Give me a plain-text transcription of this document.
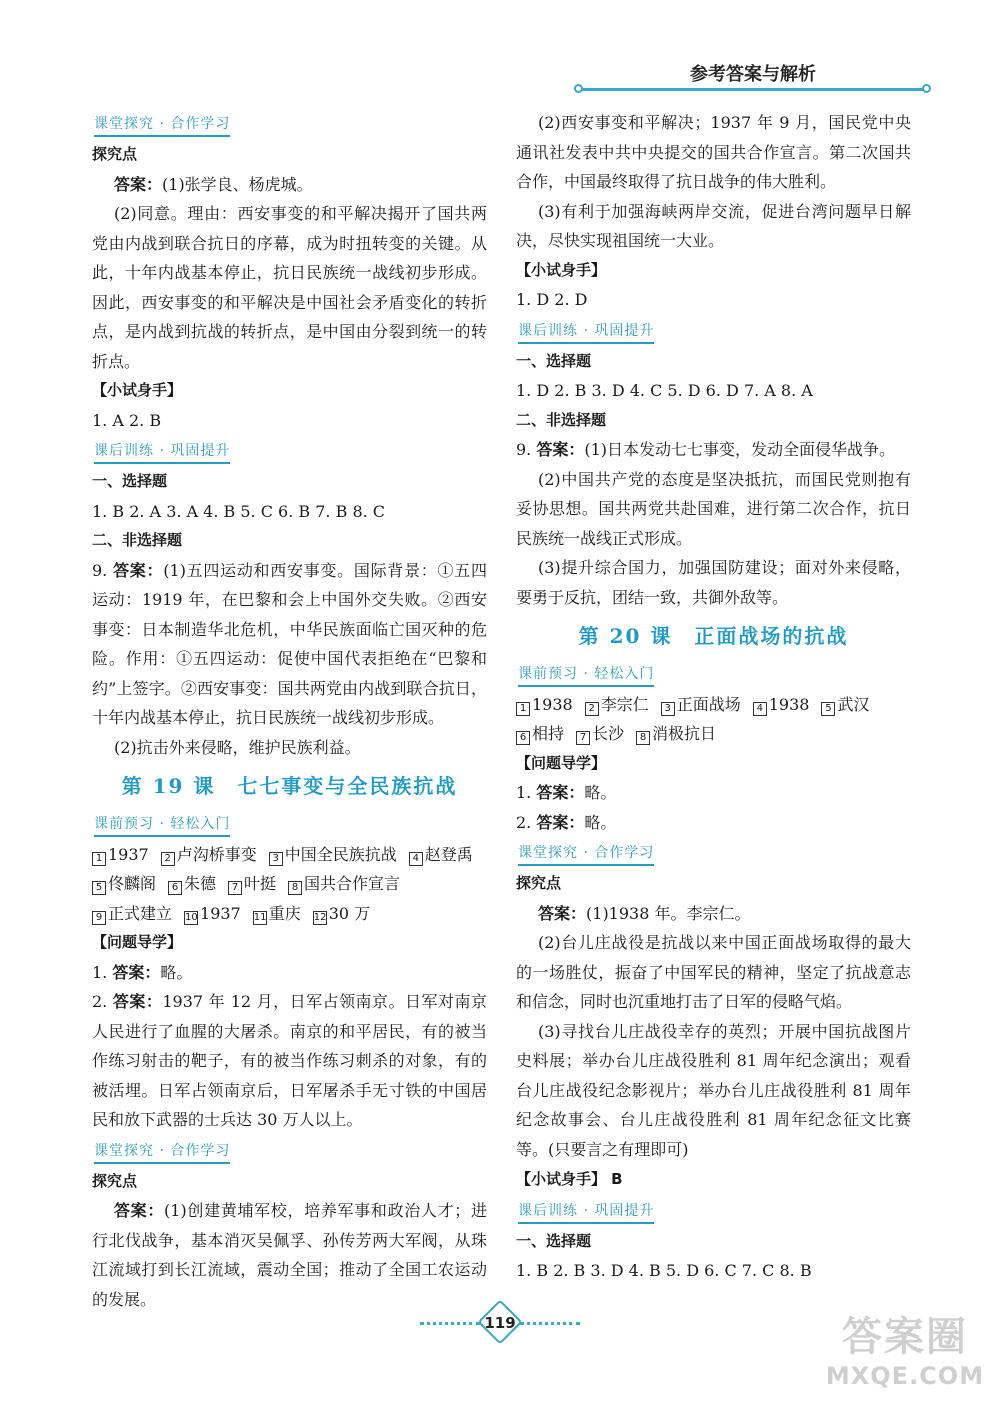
参考答案与解析
课堂探究 · 合作学习
探究点
答案：(1)张学良、杨虎城。
(2)同意。理由：西安事变的和平解决揭开了国共两党由内战到联合抗日的序幕，成为时扭转变的关键。从此，十年内战基本停止，抗日民族统一战线初步形成。因此，西安事变的和平解决是中国社会矛盾变化的转折点，是内战到抗战的转折点，是中国由分裂到统一的转折点。
【小试身手】
1. A 2. B
课后训练 · 巩固提升
一、选择题
1. B 2. A 3. A 4. B 5. C 6. B 7. B 8. C
二、非选择题
9. 答案：(1)五四运动和西安事变。国际背景：①五四运动：1919 年，在巴黎和会上中国外交失败。②西安事变：日本制造华北危机，中华民族面临亡国灭种的危险。作用：①五四运动：促使中国代表拒绝在“巴黎和约”上签字。②西安事变：国共两党由内战到联合抗日，十年内战基本停止，抗日民族统一战线初步形成。
(2)抗击外来侵略，维护民族利益。
第 19 课 七七事变与全民族抗战
课前预习 · 轻松入门
1 1937 2 卢沟桥事变 3 中国全民族抗战 4 赵登禹5 佟麟阁 6 朱德 7 叶挺 8 国共合作宣言9 正式建立 10 1937 11 重庆 12 30 万
【问题导学】
1. 答案：略。
2. 答案：1937 年 12 月，日军占领南京。日军对南京人民进行了血腥的大屠杀。南京的和平居民，有的被当作练习射击的靶子，有的被当作练习刺杀的对象，有的被活埋。日军占领南京后，日军屠杀手无寸铁的中国居民和放下武器的士兵达 30 万人以上。
课堂探究 · 合作学习
探究点
答案：(1)创建黄埔军校，培养军事和政治人才；进行北伐战争，基本消灭吴佩孚、孙传芳两大军阀，从珠江流域打到长江流域，震动全国；推动了全国工农运动的发展。
(2)西安事变和平解决；1937 年 9 月，国民党中央通讯社发表中共中央提交的国共合作宣言。第二次国共合作，中国最终取得了抗日战争的伟大胜利。
(3)有利于加强海峡两岸交流，促进台湾问题早日解决，尽快实现祖国统一大业。
【小试身手】
1. D 2. D
课后训练 · 巩固提升
一、选择题
1. D 2. B 3. D 4. C 5. D 6. D 7. A 8. A
二、非选择题
9. 答案：(1)日本发动七七事变，发动全面侵华战争。
(2)中国共产党的态度是坚决抵抗，而国民党则抱有妥协思想。国共两党共赴国难，进行第二次合作，抗日民族统一战线正式形成。
(3)提升综合国力，加强国防建设；面对外来侵略，要勇于反抗，团结一致，共御外敌等。
第 20 课 正面战场的抗战
课前预习 · 轻松入门
1 1938 2 李宗仁 3 正面战场 4 1938 5 武汉6 相持 7 长沙 8 消极抗日
【问题导学】
1. 答案：略。
2. 答案：略。
课堂探究 · 合作学习
探究点
答案：(1)1938 年。李宗仁。
(2)台儿庄战役是抗战以来中国正面战场取得的最大的一场胜仗，振奋了中国军民的精神，坚定了抗战意志和信念，同时也沉重地打击了日军的侵略气焰。
(3)寻找台儿庄战役幸存的英烈；开展中国抗战图片史料展；举办台儿庄战役胜利 81 周年纪念演出；观看台儿庄战役纪念影视片；举办台儿庄战役胜利 81 周年纪念故事会、台儿庄战役胜利 81 周年纪念征文比赛等。(只要言之有理即可)
【小试身手】 B
课后训练 · 巩固提升
一、选择题
1. B 2. B 3. D 4. B 5. D 6. C 7. C 8. B
119	答案圈
MXQE.COM
